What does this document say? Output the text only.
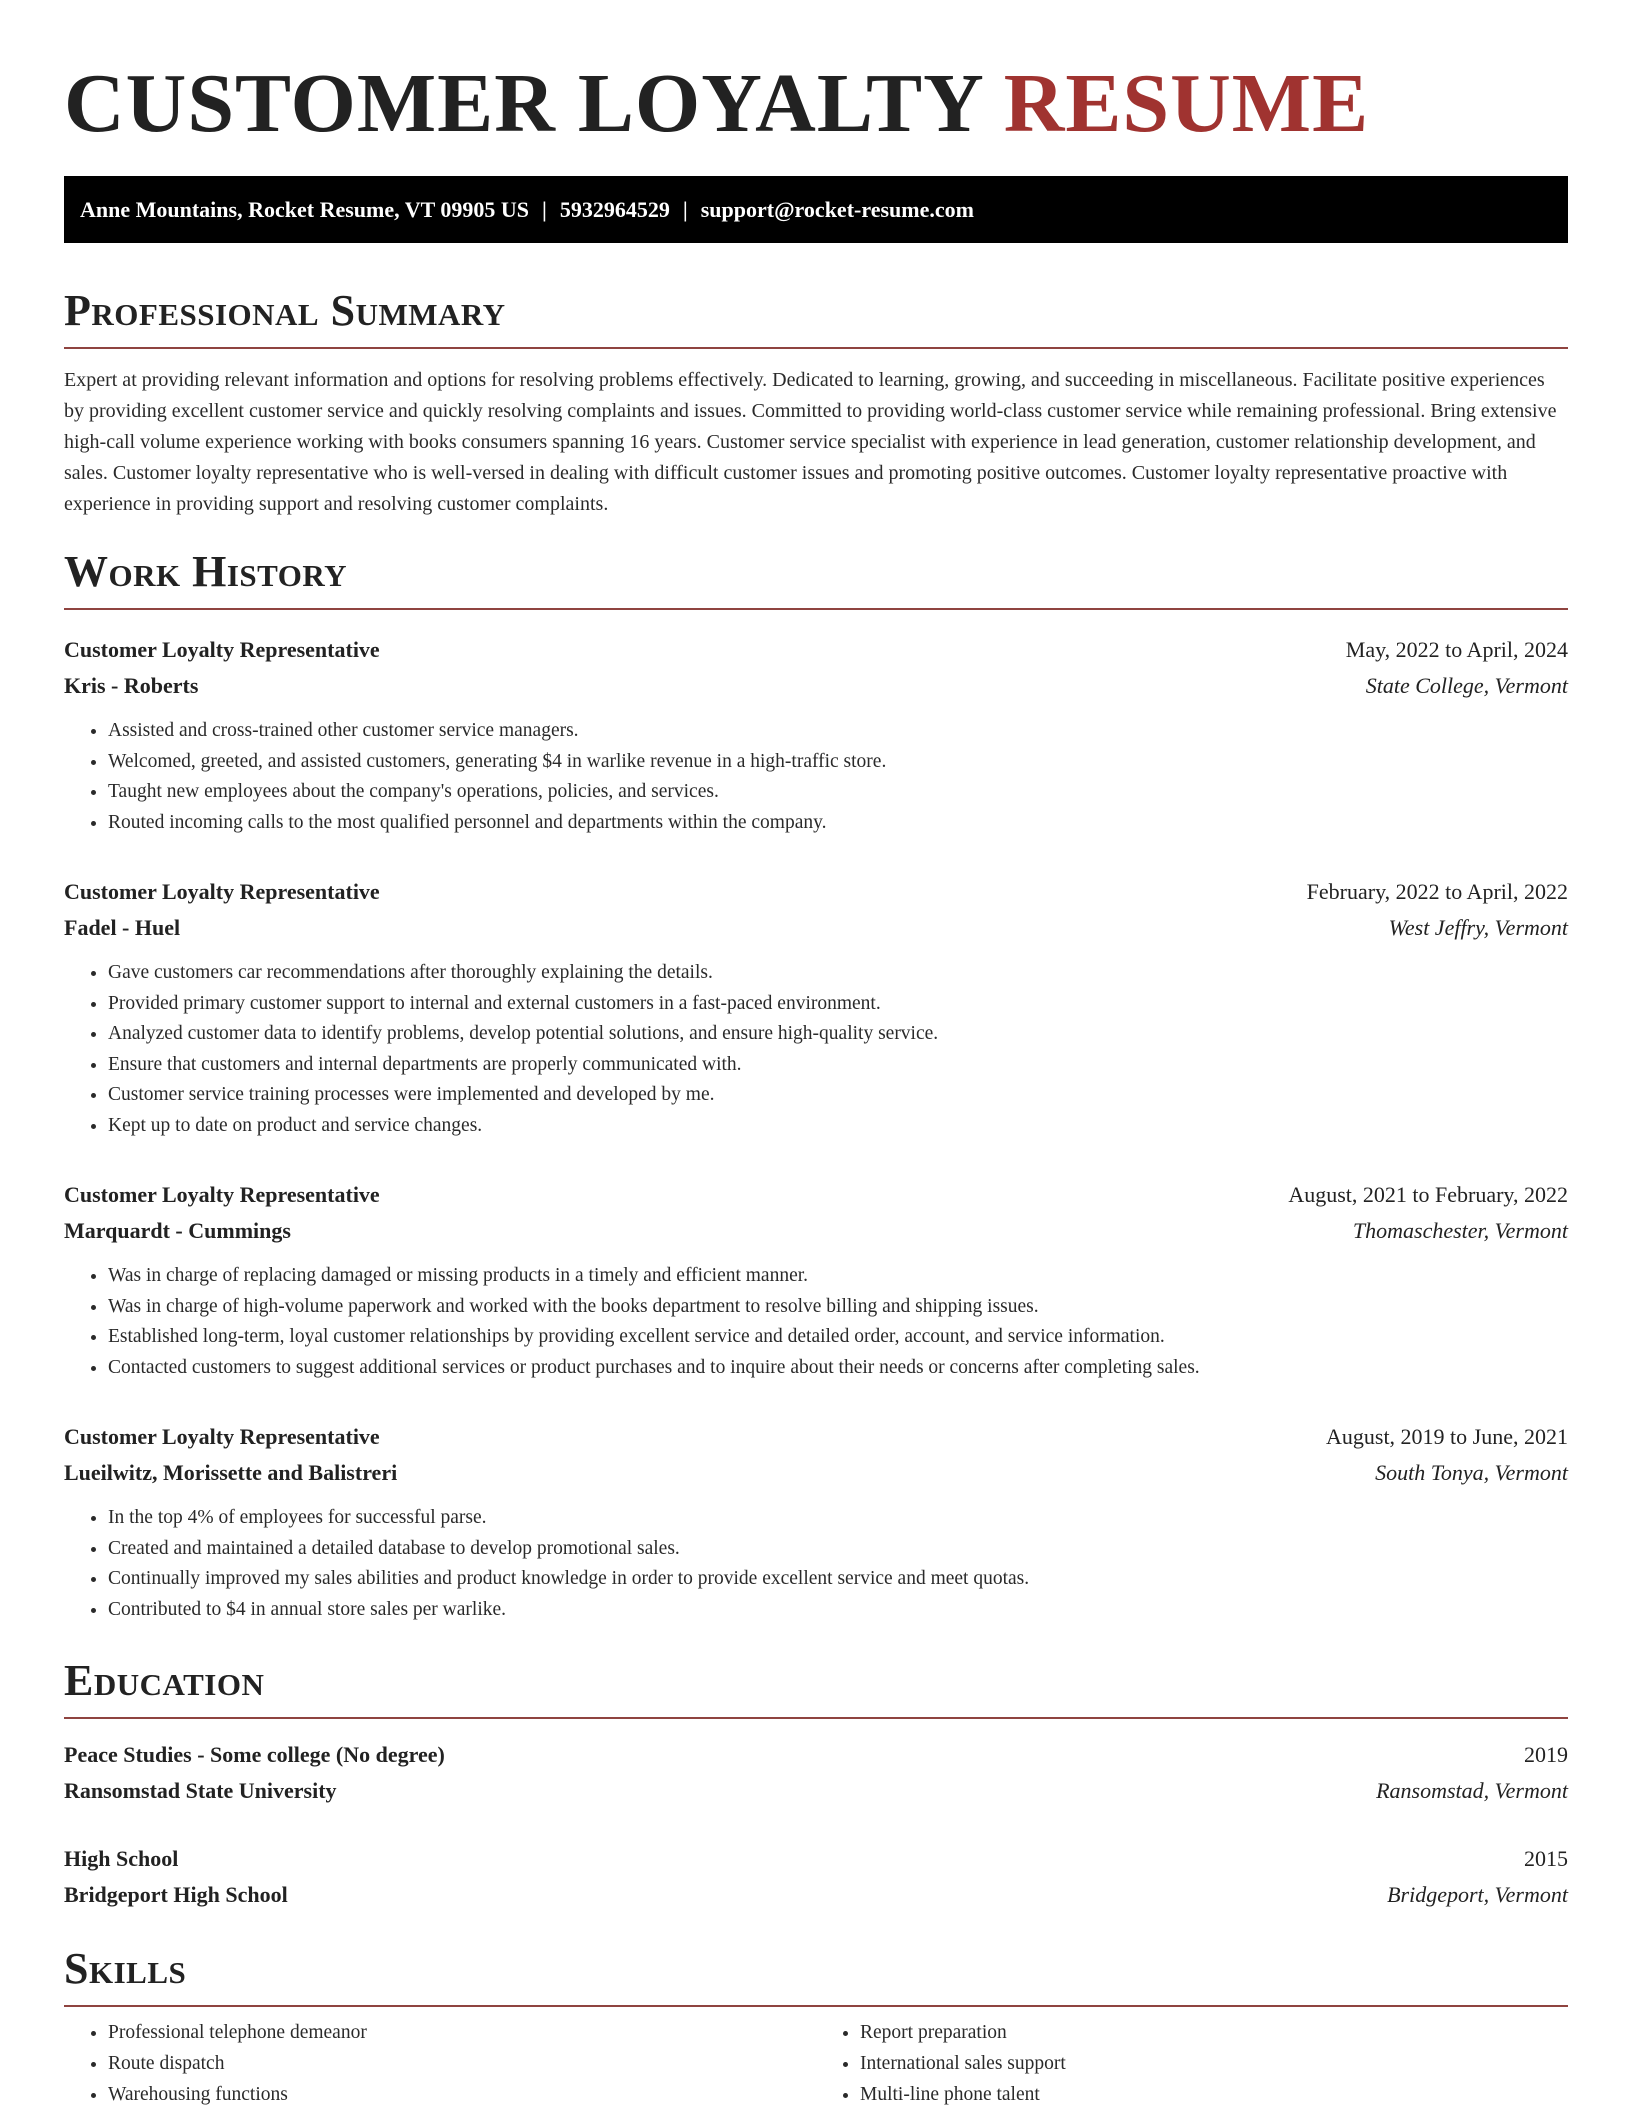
CUSTOMER LOYALTY RESUME
Anne Mountains, Rocket Resume, VT 09905 US | 5932964529 | support@rocket-resume.com
Professional Summary

Expert at providing relevant information and options for resolving problems effectively. Dedicated to learning, growing, and succeeding in miscellaneous. Facilitate positive experiences by providing excellent customer service and quickly resolving complaints and issues. Committed to providing world-class customer service while remaining professional. Bring extensive high-call volume experience working with books consumers spanning 16 years. Customer service specialist with experience in lead generation, customer relationship development, and sales. Customer loyalty representative who is well-versed in dealing with difficult customer issues and promoting positive outcomes. Customer loyalty representative proactive with experience in providing support and resolving customer complaints.

Work History
Customer Loyalty Representative	May, 2022 to April, 2024
Kris - Roberts	State College, Vermont
• Assisted and cross-trained other customer service managers.
• Welcomed, greeted, and assisted customers, generating $4 in warlike revenue in a high-traffic store.
• Taught new employees about the company's operations, policies, and services.
• Routed incoming calls to the most qualified personnel and departments within the company.
Customer Loyalty Representative	February, 2022 to April, 2022
Fadel - Huel	West Jeffry, Vermont
• Gave customers car recommendations after thoroughly explaining the details.
• Provided primary customer support to internal and external customers in a fast-paced environment.
• Analyzed customer data to identify problems, develop potential solutions, and ensure high-quality service.
• Ensure that customers and internal departments are properly communicated with.
• Customer service training processes were implemented and developed by me.
• Kept up to date on product and service changes.
Customer Loyalty Representative	August, 2021 to February, 2022
Marquardt - Cummings	Thomaschester, Vermont
• Was in charge of replacing damaged or missing products in a timely and efficient manner.
• Was in charge of high-volume paperwork and worked with the books department to resolve billing and shipping issues.
• Established long-term, loyal customer relationships by providing excellent service and detailed order, account, and service information.
• Contacted customers to suggest additional services or product purchases and to inquire about their needs or concerns after completing sales.
Customer Loyalty Representative	August, 2019 to June, 2021
Lueilwitz, Morissette and Balistreri	South Tonya, Vermont
• In the top 4% of employees for successful parse.
• Created and maintained a detailed database to develop promotional sales.
• Continually improved my sales abilities and product knowledge in order to provide excellent service and meet quotas.
• Contributed to $4 in annual store sales per warlike.
Education
Peace Studies - Some college (No degree)	2019
Ransomstad State University	Ransomstad, Vermont
High School	2015
Bridgeport High School	Bridgeport, Vermont
Skills
• Professional telephone demeanor
• Route dispatch
• Warehousing functions
• Report preparation
• International sales support
• Multi-line phone talent
